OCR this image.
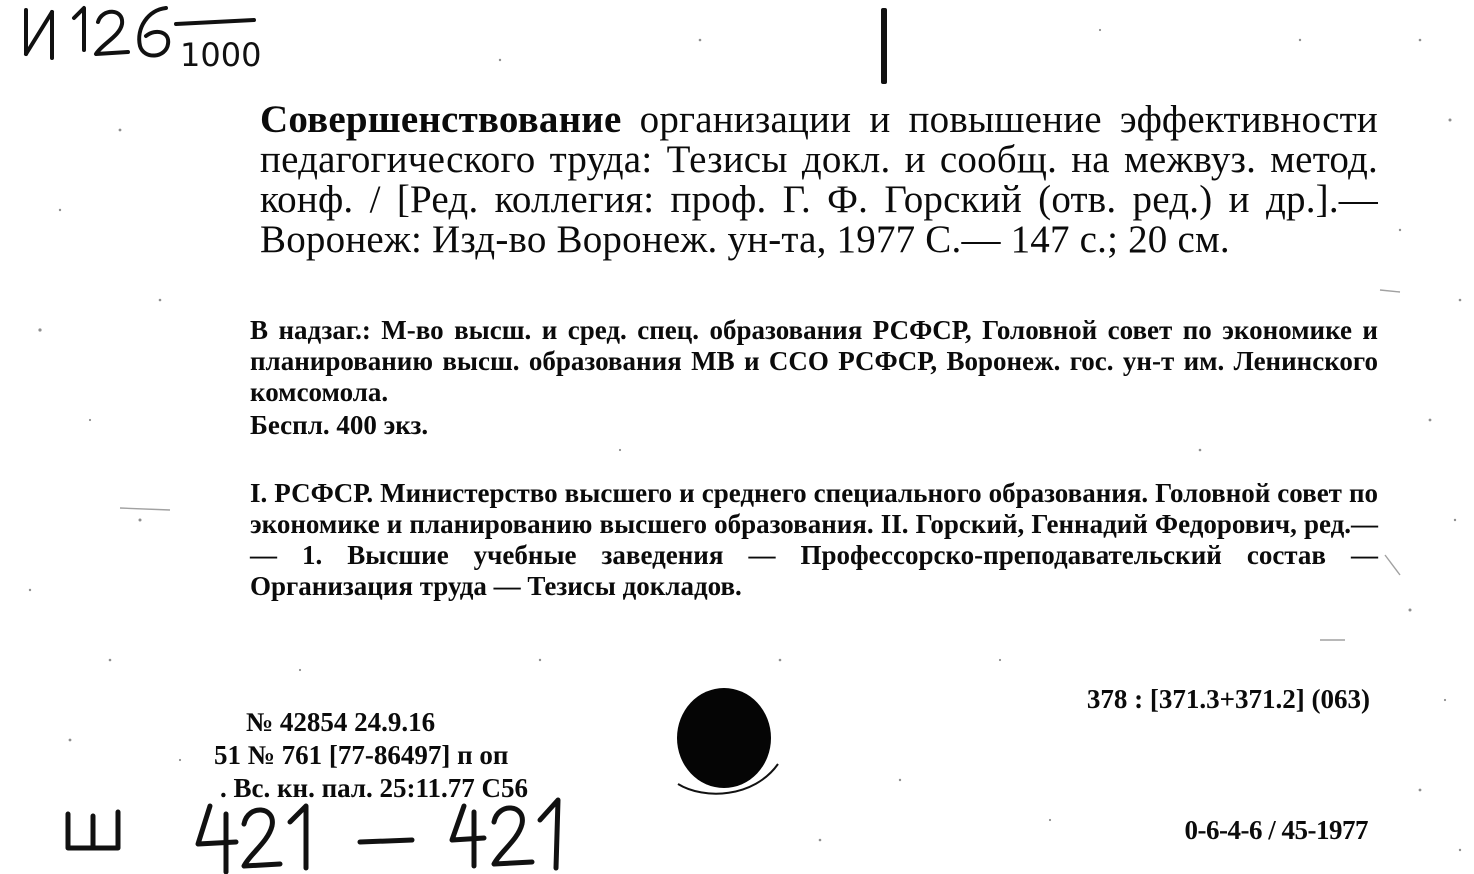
1000

Совершенствование организации и повышение эффективности педагогического труда: Тезисы докл. и сообщ. на межвуз. метод. конф. / [Ред. коллегия: проф. Г. Ф. Горский (отв. ред.) и др.].— Воронеж: Изд-во Воронеж. ун-та, 1977 С.— 147 с.; 20 см.

В надзаг.: М-во высш. и сред. спец. образования РСФСР, Головной совет по экономике и планированию высш. образования МВ и ССО РСФСР, Воронеж. гос. ун-т им. Ленинского комсомола.

Беспл. 400 экз.

I. РСФСР. Министерство высшего и среднего специального образования. Головной совет по экономике и планированию высшего образования. II. Горский, Геннадий Федорович, ред.— — 1. Высшие учебные заведения — Профессорско-преподавательский состав — Организация труда — Тезисы докладов.

378 : [371.3+371.2] (063)
№ 42854 24.9.16
51 № 761 [77-86497] п оп
. Вс. кн. пал. 25:11.77 С56
0-6-4-6 / 45-1977
